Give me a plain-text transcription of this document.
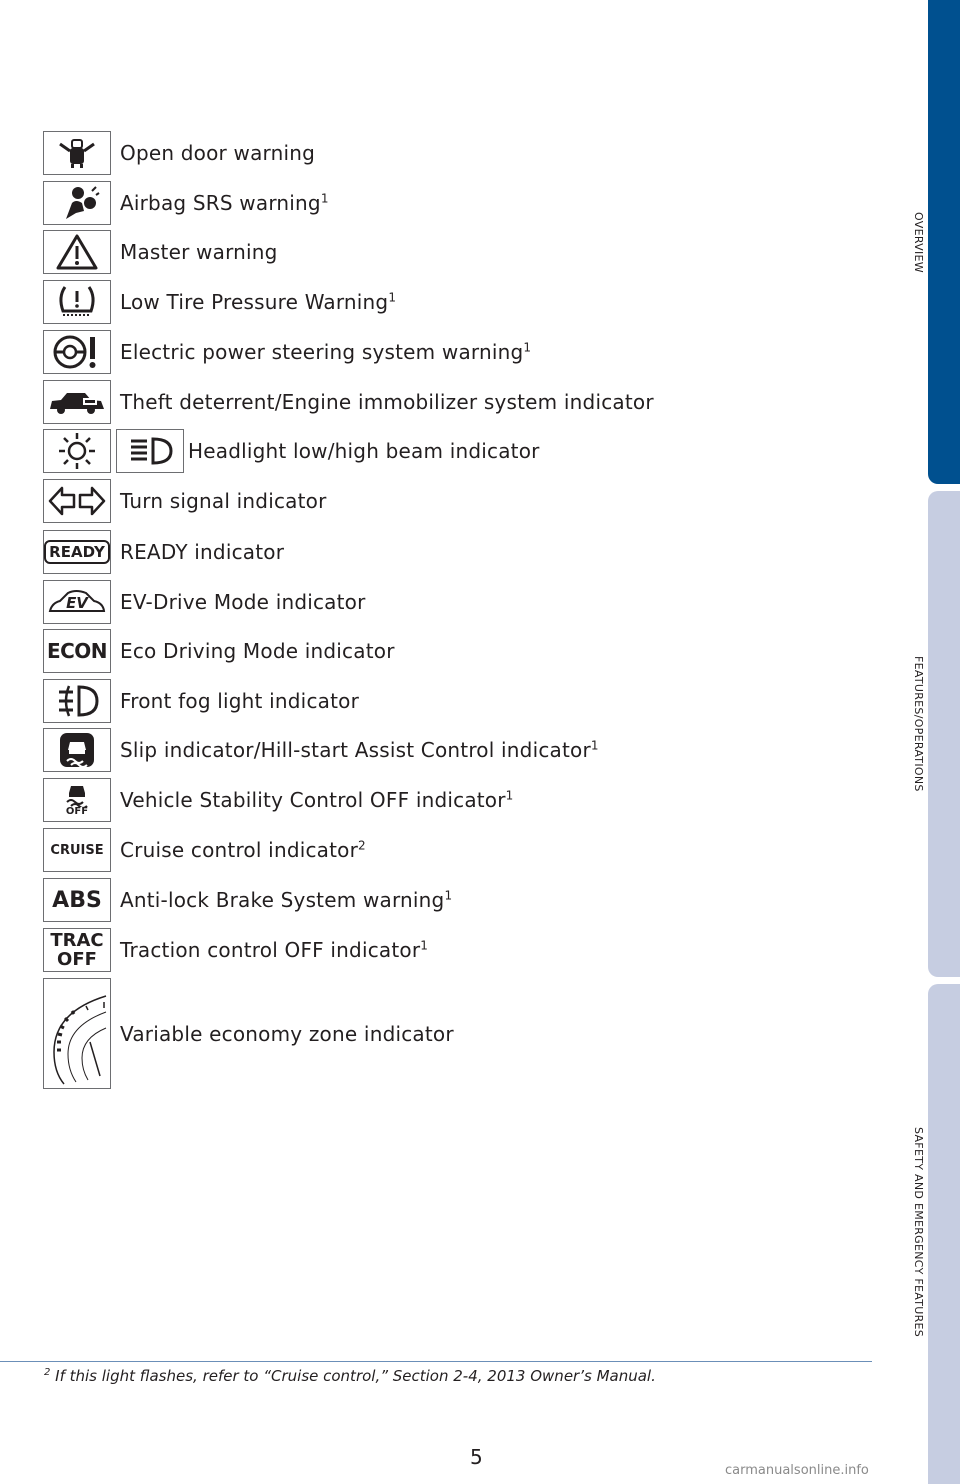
OVERVIEW
FEATURES/OPERATIONS
SAFETY AND EMERGENCY FEATURES
Open door warning
Airbag SRS warning$^1$
Master warning
Low Tire Pressure Warning$^1$
Electric power steering system warning$^1$
Theft deterrent/Engine immobilizer system indicator
Headlight low/high beam indicator
Turn signal indicator
READY READY indicator
EV EV-Drive Mode indicator
ECON Eco Driving Mode indicator
Front fog light indicator
Slip indicator/Hill-start Assist Control indicator$^1$
OFF Vehicle Stability Control OFF indicator$^1$
CRUISE Cruise control indicator$^2$
ABS Anti-lock Brake System warning$^1$
TRAC
OFF Traction control OFF indicator$^1$
Variable economy zone indicator
$^2$ If this light flashes, refer to “Cruise control,” Section 2-4, 2013 Owner’s Manual.
5
carmanualsonline.info
